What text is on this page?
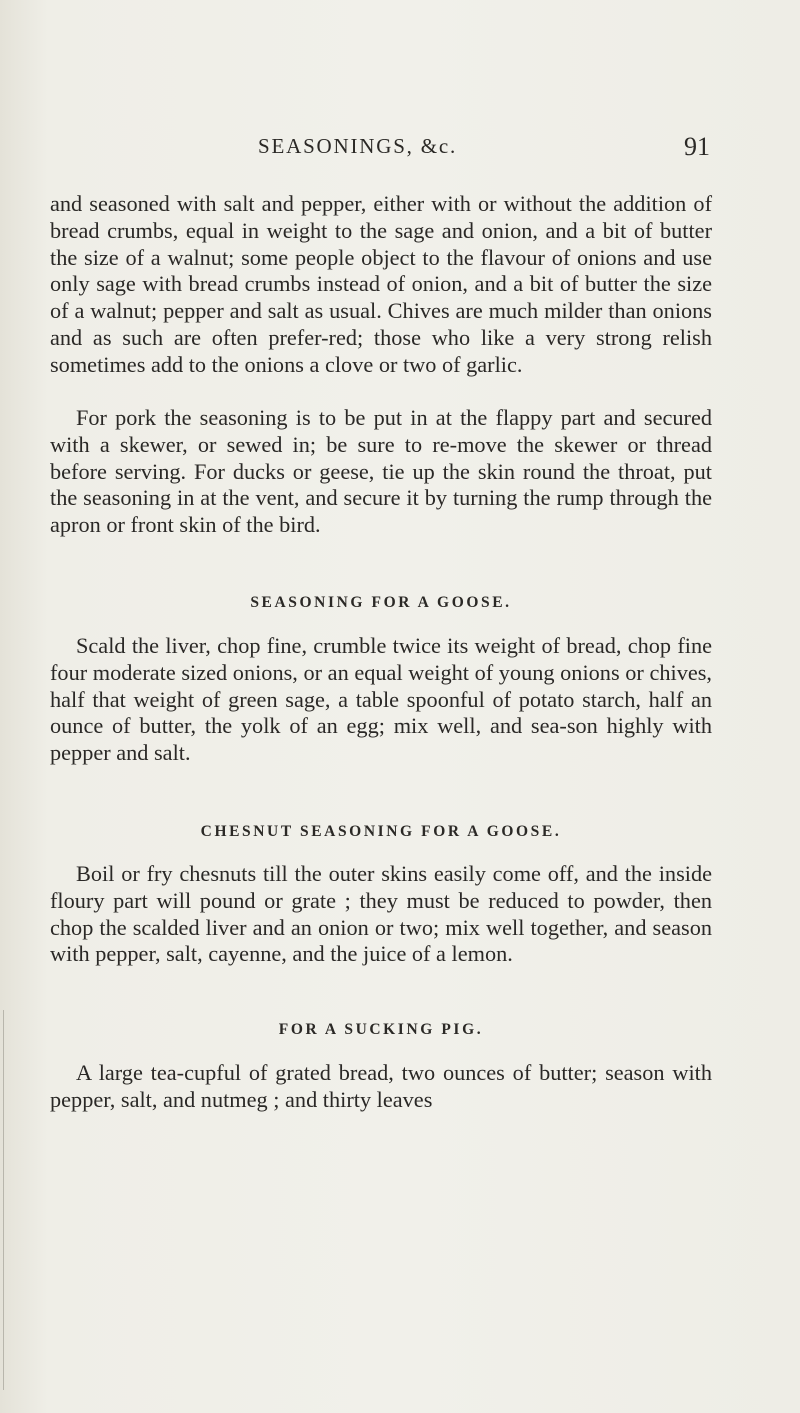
SEASONINGS, &c.	91

and seasoned with salt and pepper, either with or without the addition of bread crumbs, equal in weight to the sage and onion, and a bit of butter the size of a walnut; some people object to the flavour of onions and use only sage with bread crumbs instead of onion, and a bit of butter the size of a walnut; pepper and salt as usual. Chives are much milder than onions and as such are often prefer-red; those who like a very strong relish sometimes add to the onions a clove or two of garlic.

For pork the seasoning is to be put in at the flappy part and secured with a skewer, or sewed in; be sure to re-move the skewer or thread before serving. For ducks or geese, tie up the skin round the throat, put the seasoning in at the vent, and secure it by turning the rump through the apron or front skin of the bird.

SEASONING FOR A GOOSE.

Scald the liver, chop fine, crumble twice its weight of bread, chop fine four moderate sized onions, or an equal weight of young onions or chives, half that weight of green sage, a table spoonful of potato starch, half an ounce of butter, the yolk of an egg; mix well, and sea-son highly with pepper and salt.

CHESNUT SEASONING FOR A GOOSE.

Boil or fry chesnuts till the outer skins easily come off, and the inside floury part will pound or grate ; they must be reduced to powder, then chop the scalded liver and an onion or two; mix well together, and season with pepper, salt, cayenne, and the juice of a lemon.

FOR A SUCKING PIG.

A large tea-cupful of grated bread, two ounces of butter; season with pepper, salt, and nutmeg ; and thirty leaves
